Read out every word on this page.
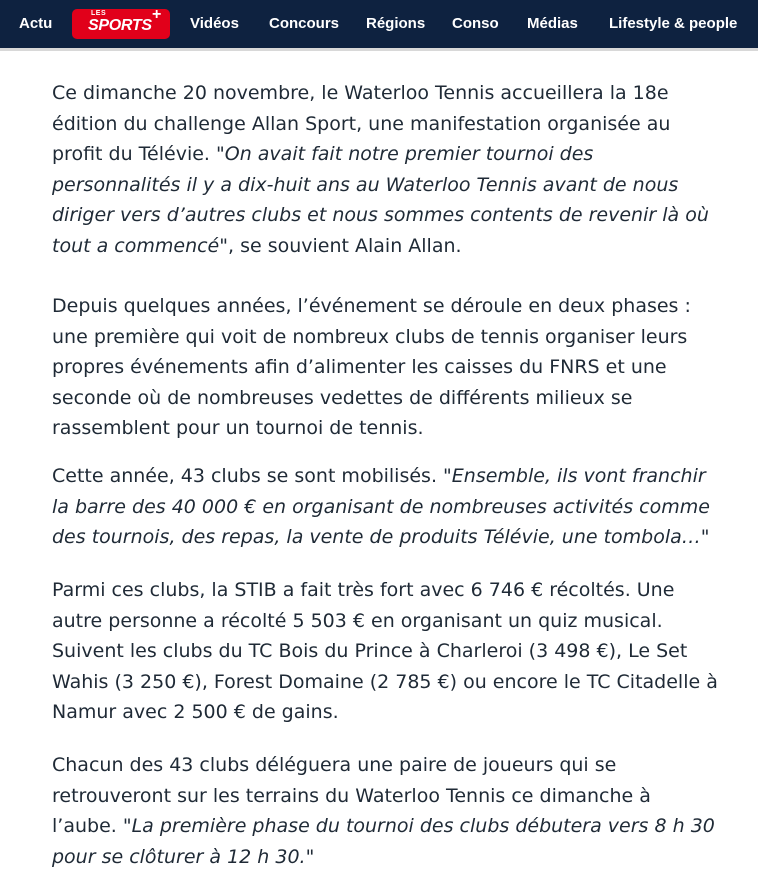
Actu
LES
SPORTS
+
Vidéos Concours Régions Conso Médias Lifestyle & people

Ce dimanche 20 novembre, le Waterloo Tennis accueillera la 18e
édition du challenge Allan Sport, une manifestation organisée au
profit du Télévie. "On avait fait notre premier tournoi des
personnalités il y a dix-huit ans au Waterloo Tennis avant de nous
diriger vers d’autres clubs et nous sommes contents de revenir là où
tout a commencé", se souvient Alain Allan.

Depuis quelques années, l’événement se déroule en deux phases :
une première qui voit de nombreux clubs de tennis organiser leurs
propres événements afin d’alimenter les caisses du FNRS et une
seconde où de nombreuses vedettes de différents milieux se
rassemblent pour un tournoi de tennis.

Cette année, 43 clubs se sont mobilisés. "Ensemble, ils vont franchir
la barre des 40 000 € en organisant de nombreuses activités comme
des tournois, des repas, la vente de produits Télévie, une tombola…"

Parmi ces clubs, la STIB a fait très fort avec 6 746 € récoltés. Une
autre personne a récolté 5 503 € en organisant un quiz musical.
Suivent les clubs du TC Bois du Prince à Charleroi (3 498 €), Le Set
Wahis (3 250 €), Forest Domaine (2 785 €) ou encore le TC Citadelle à
Namur avec 2 500 € de gains.

Chacun des 43 clubs déléguera une paire de joueurs qui se
retrouveront sur les terrains du Waterloo Tennis ce dimanche à
l’aube. "La première phase du tournoi des clubs débutera vers 8 h 30
pour se clôturer à 12 h 30."
